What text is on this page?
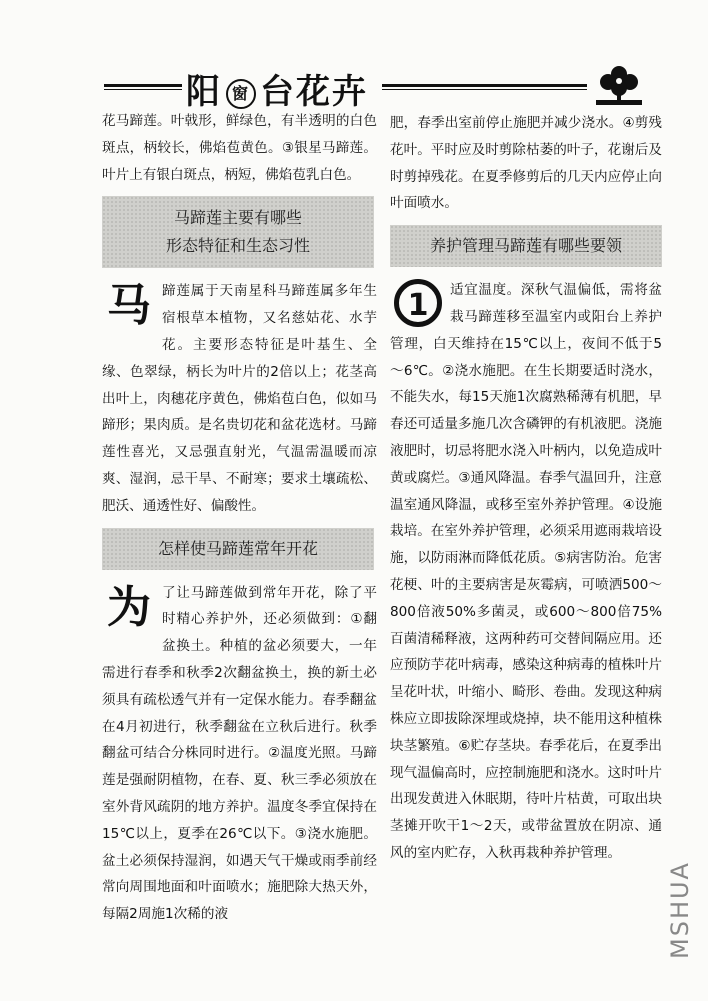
阳 窗 台花卉

花马蹄莲。叶戟形，鲜绿色，有半透明的白色斑点，柄较长，佛焰苞黄色。③银星马蹄莲。叶片上有银白斑点，柄短，佛焰苞乳白色。

马蹄莲主要有哪些
形态特征和生态习性

马蹄莲属于天南星科马蹄莲属多年生宿根草本植物，又名慈姑花、水芋花。主要形态特征是叶基生、全缘、色翠绿，柄长为叶片的2倍以上；花茎高出叶上，肉穗花序黄色，佛焰苞白色，似如马蹄形；果肉质。是名贵切花和盆花选材。马蹄莲性喜光，又忌强直射光，气温需温暖而凉爽、湿润，忌干旱、不耐寒；要求土壤疏松、肥沃、通透性好、偏酸性。

怎样使马蹄莲常年开花

为了让马蹄莲做到常年开花，除了平时精心养护外，还必须做到：①翻盆换土。种植的盆必须要大，一年需进行春季和秋季2次翻盆换土，换的新土必须具有疏松透气并有一定保水能力。春季翻盆在4月初进行，秋季翻盆在立秋后进行。秋季翻盆可结合分株同时进行。②温度光照。马蹄莲是强耐阴植物，在春、夏、秋三季必须放在室外背风疏阴的地方养护。温度冬季宜保持在15℃以上，夏季在26℃以下。③浇水施肥。盆土必须保持湿润，如遇天气干燥或雨季前经常向周围地面和叶面喷水；施肥除大热天外，每隔2周施1次稀的液

肥，春季出室前停止施肥并减少浇水。④剪残花叶。平时应及时剪除枯萎的叶子，花谢后及时剪掉残花。在夏季修剪后的几天内应停止向叶面喷水。

养护管理马蹄莲有哪些要领

1	适宜温度。深秋气温偏低，需将盆栽马蹄莲移至温室内或阳台上养护管理，白天维持在15℃以上，夜间不低于5～6℃。②浇水施肥。在生长期要适时浇水，不能失水，每15天施1次腐熟稀薄有机肥，早春还可适量多施几次含磷钾的有机液肥。浇施液肥时，切忌将肥水浇入叶柄内，以免造成叶黄或腐烂。③通风降温。春季气温回升，注意温室通风降温，或移至室外养护管理。④设施栽培。在室外养护管理，必须采用遮雨栽培设施，以防雨淋而降低花质。⑤病害防治。危害花梗、叶的主要病害是灰霉病，可喷洒500～800倍液50%多菌灵，或600～800倍75%百菌清稀释液，这两种药可交替间隔应用。还应预防芋花叶病毒，感染这种病毒的植株叶片呈花叶状，叶缩小、畸形、卷曲。发现这种病株应立即拔除深埋或烧掉，块不能用这种植株块茎繁殖。⑥贮存茎块。春季花后，在夏季出现气温偏高时，应控制施肥和浇水。这时叶片出现发黄进入休眠期，待叶片枯黄，可取出块茎摊开吹干1～2天，或带盆置放在阴凉、通风的室内贮存，入秋再栽种养护管理。

MSHUA
